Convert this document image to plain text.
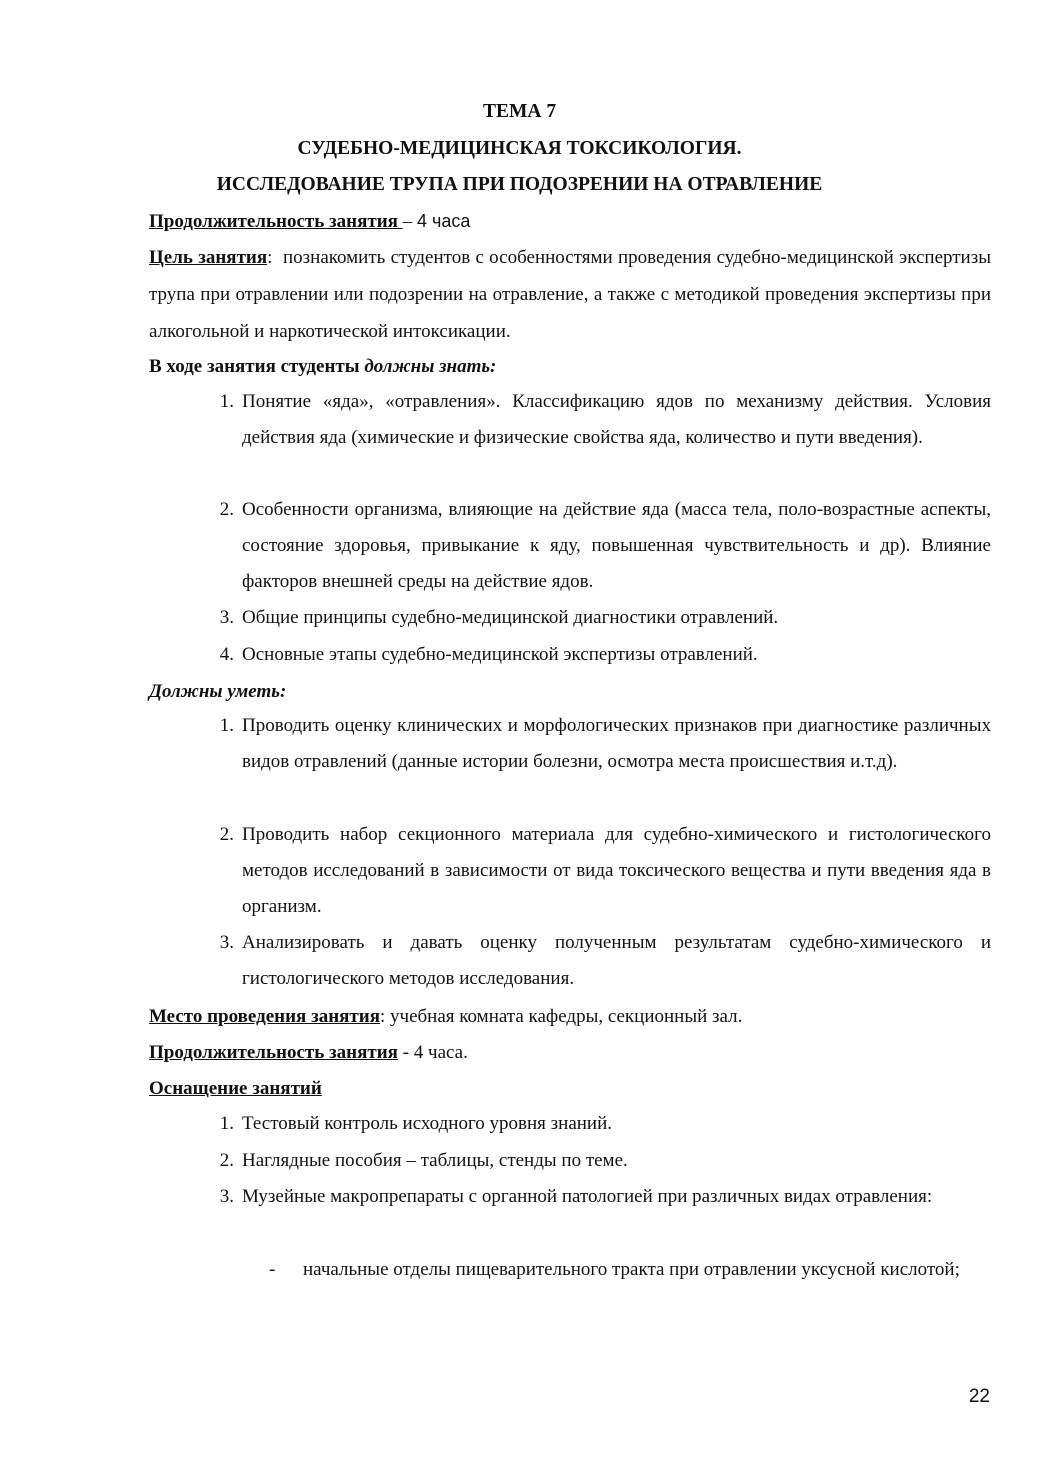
ТЕМА 7
СУДЕБНО-МЕДИЦИНСКАЯ ТОКСИКОЛОГИЯ.
ИССЛЕДОВАНИЕ ТРУПА ПРИ ПОДОЗРЕНИИ НА ОТРАВЛЕНИЕ
Продолжительность занятия – 4 часа

Цель занятия:  познакомить студентов с особенностями проведения судебно-медицинской экспертизы трупа при отравлении или подозрении на отравление, а также с методикой проведения экспертизы при алкогольной и наркотической интоксикации.

В ходе занятия студенты должны знать:
1. Понятие «яда», «отравления». Классификацию ядов по механизму действия. Условия действия яда (химические и физические свойства яда, количество и пути введения).
2. Особенности организма, влияющие на действие яда (масса тела, поло-возрастные аспекты, состояние здоровья, привыкание к яду, повышенная чувствительность и др). Влияние факторов внешней среды на действие ядов.
3. Общие принципы судебно-медицинской диагностики отравлений.
4. Основные этапы судебно-медицинской экспертизы отравлений.
Должны уметь:
1. Проводить оценку клинических и морфологических признаков при диагностике различных видов отравлений (данные истории болезни, осмотра места происшествия и.т.д).
2. Проводить набор секционного материала для судебно-химического и гистологического методов исследований в зависимости от вида токсического вещества и пути введения яда в организм.
3. Анализировать и давать оценку полученным результатам судебно-химического и гистологического методов исследования.
Место проведения занятия: учебная комната кафедры, секционный зал.
Продолжительность занятия - 4 часа.
Оснащение занятий
1. Тестовый контроль исходного уровня знаний.
2. Наглядные пособия – таблицы, стенды по теме.
3. Музейные макропрепараты с органной патологией при различных видах отравления:
- начальные отделы пищеварительного тракта при отравлении уксусной кислотой;
22
